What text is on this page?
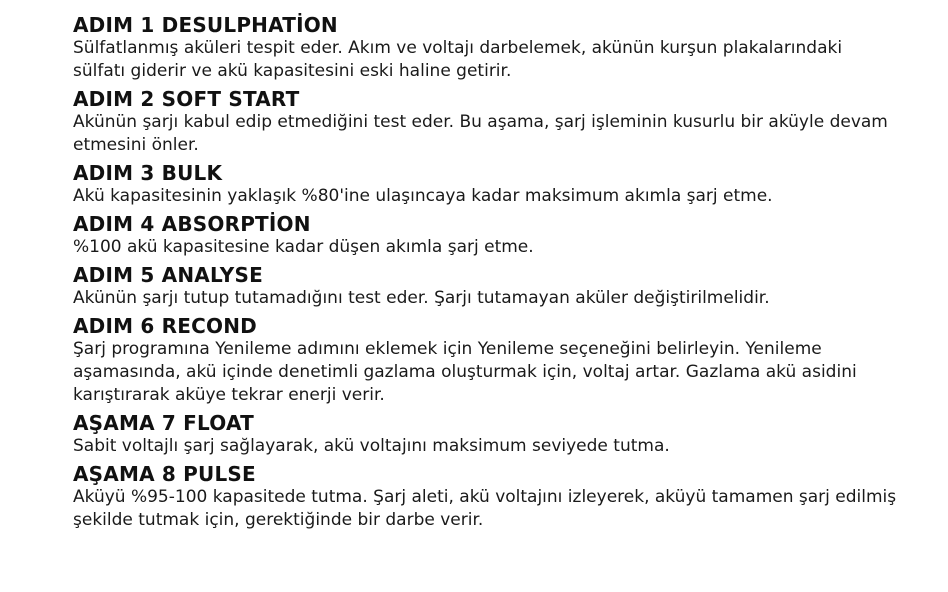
ADIM 1 DESULPHATİON

Sülfatlanmış aküleri tespit eder. Akım ve voltajı darbelemek, akünün kurşun plakalarındaki sülfatı giderir ve akü kapasitesini eski haline getirir.

ADIM 2 SOFT START

Akünün şarjı kabul edip etmediğini test eder. Bu aşama, şarj işleminin kusurlu bir aküyle devam etmesini önler.

ADIM 3 BULK

Akü kapasitesinin yaklaşık %80'ine ulaşıncaya kadar maksimum akımla şarj etme.

ADIM 4 ABSORPTİON

%100 akü kapasitesine kadar düşen akımla şarj etme.

ADIM 5 ANALYSE

Akünün şarjı tutup tutamadığını test eder. Şarjı tutamayan aküler değiştirilmelidir.

ADIM 6 RECOND

Şarj programına Yenileme adımını eklemek için Yenileme seçeneğini belirleyin. Yenileme aşamasında, akü içinde denetimli gazlama oluşturmak için, voltaj artar. Gazlama akü asidini karıştırarak aküye tekrar enerji verir.

AŞAMA 7 FLOAT

Sabit voltajlı şarj sağlayarak, akü voltajını maksimum seviyede tutma.

AŞAMA 8 PULSE

Aküyü %95-100 kapasitede tutma. Şarj aleti, akü voltajını izleyerek, aküyü tamamen şarj edilmiş şekilde tutmak için, gerektiğinde bir darbe verir.
